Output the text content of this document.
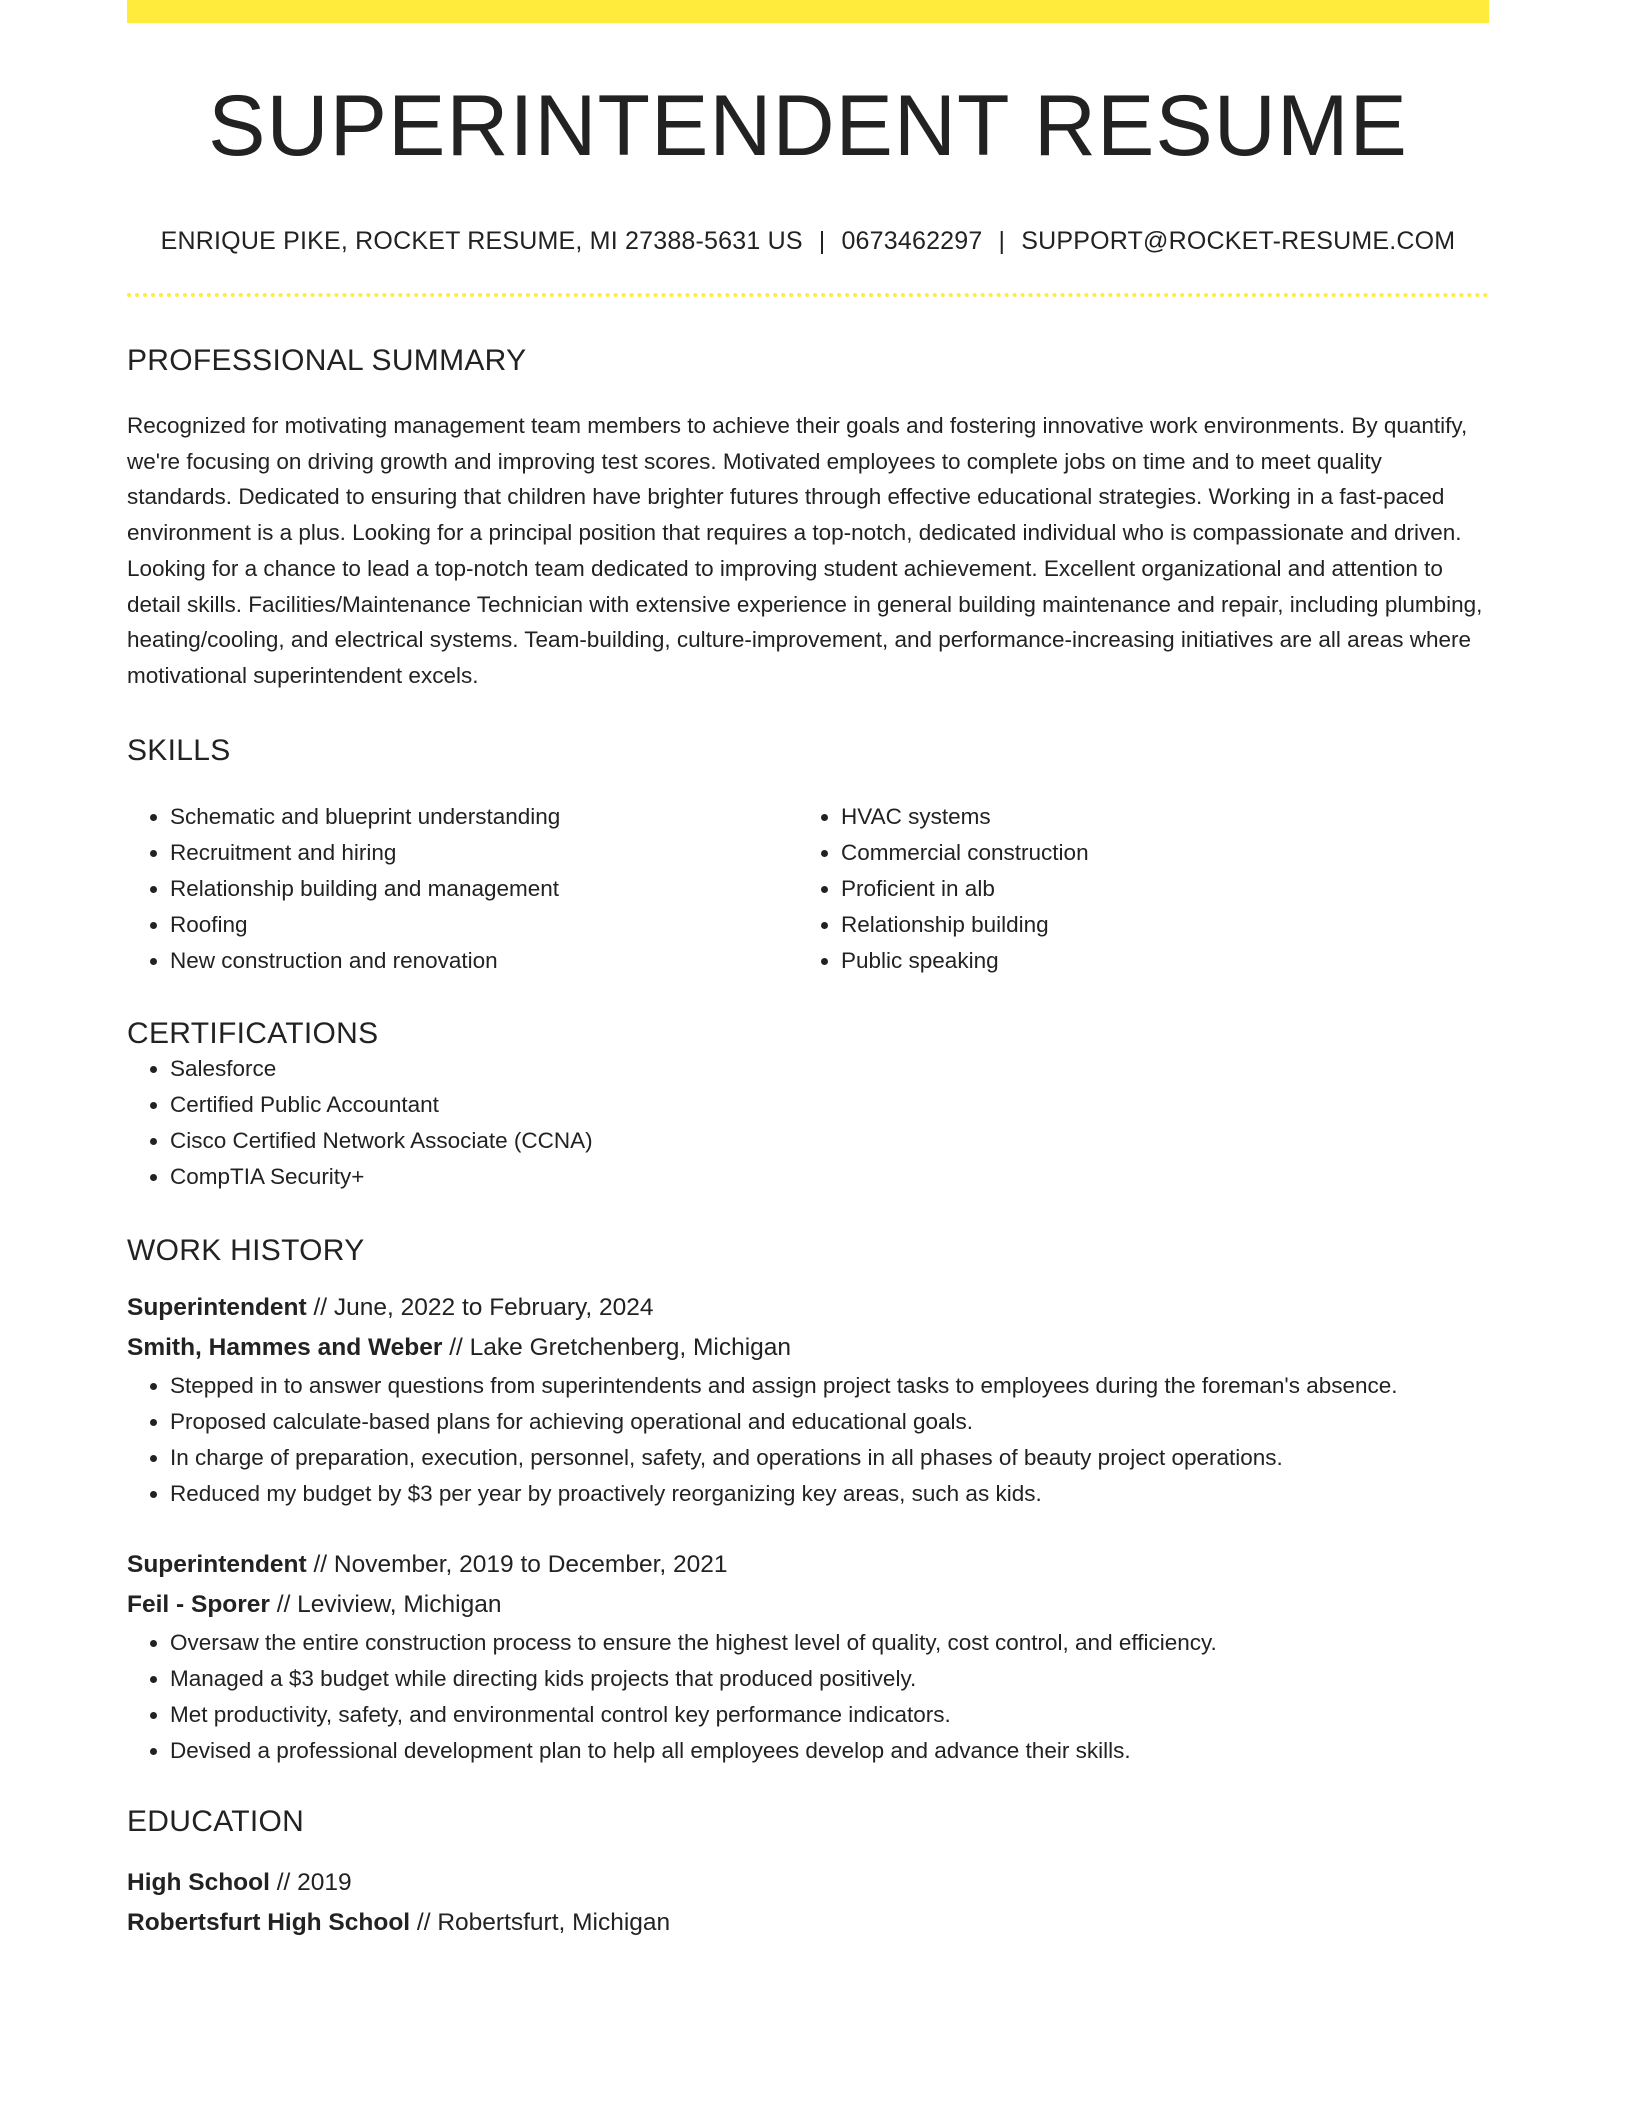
SUPERINTENDENT RESUME
ENRIQUE PIKE, ROCKET RESUME, MI 27388-5631 US | 0673462297 | SUPPORT@ROCKET-RESUME.COM
PROFESSIONAL SUMMARY

Recognized for motivating management team members to achieve their goals and fostering innovative work environments. By quantify, we're focusing on driving growth and improving test scores. Motivated employees to complete jobs on time and to meet quality standards. Dedicated to ensuring that children have brighter futures through effective educational strategies. Working in a fast-paced environment is a plus. Looking for a principal position that requires a top-notch, dedicated individual who is compassionate and driven. Looking for a chance to lead a top-notch team dedicated to improving student achievement. Excellent organizational and attention to detail skills. Facilities/Maintenance Technician with extensive experience in general building maintenance and repair, including plumbing, heating/cooling, and electrical systems. Team-building, culture-improvement, and performance-increasing initiatives are all areas where motivational superintendent excels.

SKILLS
• Schematic and blueprint understanding
• Recruitment and hiring
• Relationship building and management
• Roofing
• New construction and renovation
• HVAC systems
• Commercial construction
• Proficient in alb
• Relationship building
• Public speaking
CERTIFICATIONS
• Salesforce
• Certified Public Accountant
• Cisco Certified Network Associate (CCNA)
• CompTIA Security+
WORK HISTORY
Superintendent // June, 2022 to February, 2024
Smith, Hammes and Weber // Lake Gretchenberg, Michigan
• Stepped in to answer questions from superintendents and assign project tasks to employees during the foreman's absence.
• Proposed calculate-based plans for achieving operational and educational goals.
• In charge of preparation, execution, personnel, safety, and operations in all phases of beauty project operations.
• Reduced my budget by $3 per year by proactively reorganizing key areas, such as kids.
Superintendent // November, 2019 to December, 2021
Feil - Sporer // Leviview, Michigan
• Oversaw the entire construction process to ensure the highest level of quality, cost control, and efficiency.
• Managed a $3 budget while directing kids projects that produced positively.
• Met productivity, safety, and environmental control key performance indicators.
• Devised a professional development plan to help all employees develop and advance their skills.
EDUCATION
High School // 2019
Robertsfurt High School // Robertsfurt, Michigan
